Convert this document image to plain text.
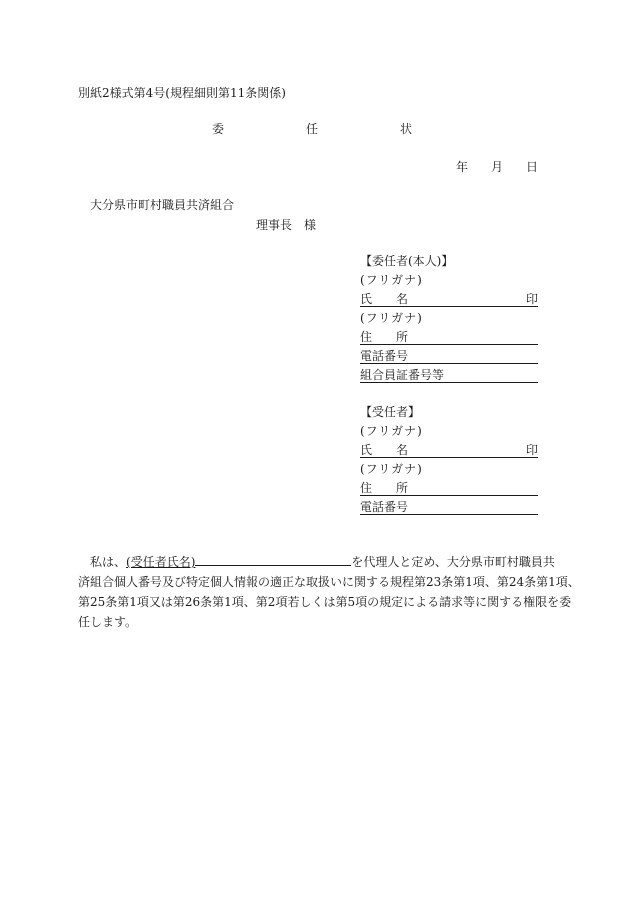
別紙2様式第4号(規程細則第11条関係)
委	任	状
年 月 日
大分県市町村職員共済組合
理事長　様
【委任者(本人)】
(フリガナ)
氏　　名	印
(フリガナ)
住　　所
電話番号
組合員証番号等
【受任者】
(フリガナ)
氏　　名	印
(フリガナ)
住　　所
電話番号
　私は、(受任者氏名)	を代理人と定め、大分県市町村職員共
済組合個人番号及び特定個人情報の適正な取扱いに関する規程第23条第1項、第24条第1項、
第25条第1項又は第26条第1項、第2項若しくは第5項の規定による請求等に関する権限を委
任します。
